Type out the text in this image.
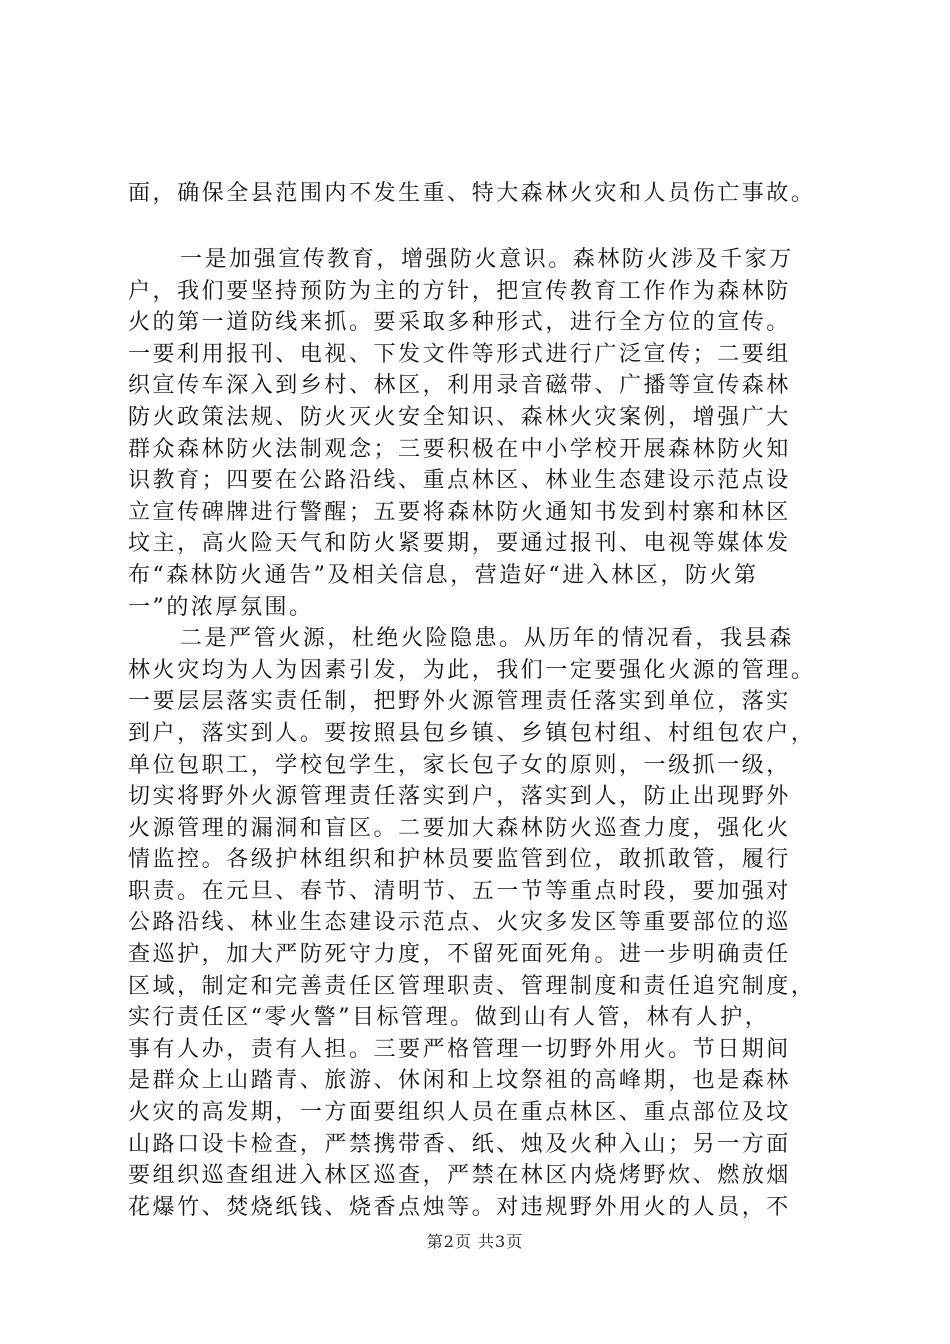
面，确保全县范围内不发生重、特大森林火灾和人员伤亡事故。
一是加强宣传教育，增强防火意识。森林防火涉及千家万
户，我们要坚持预防为主的方针，把宣传教育工作作为森林防
火的第一道防线来抓。要采取多种形式，进行全方位的宣传。
一要利用报刊、电视、下发文件等形式进行广泛宣传；二要组
织宣传车深入到乡村、林区，利用录音磁带、广播等宣传森林
防火政策法规、防火灭火安全知识、森林火灾案例，增强广大
群众森林防火法制观念；三要积极在中小学校开展森林防火知
识教育；四要在公路沿线、重点林区、林业生态建设示范点设
立宣传碑牌进行警醒；五要将森林防火通知书发到村寨和林区
坟主，高火险天气和防火紧要期，要通过报刊、电视等媒体发
布“森林防火通告”及相关信息，营造好“进入林区，防火第
一”的浓厚氛围。
二是严管火源，杜绝火险隐患。从历年的情况看，我县森
林火灾均为人为因素引发，为此，我们一定要强化火源的管理。
一要层层落实责任制，把野外火源管理责任落实到单位，落实
到户，落实到人。要按照县包乡镇、乡镇包村组、村组包农户，
单位包职工，学校包学生，家长包子女的原则，一级抓一级，
切实将野外火源管理责任落实到户，落实到人，防止出现野外
火源管理的漏洞和盲区。二要加大森林防火巡查力度，强化火
情监控。各级护林组织和护林员要监管到位，敢抓敢管，履行
职责。在元旦、春节、清明节、五一节等重点时段，要加强对
公路沿线、林业生态建设示范点、火灾多发区等重要部位的巡
查巡护，加大严防死守力度，不留死面死角。进一步明确责任
区域，制定和完善责任区管理职责、管理制度和责任追究制度，
实行责任区“零火警”目标管理。做到山有人管，林有人护，
事有人办，责有人担。三要严格管理一切野外用火。节日期间
是群众上山踏青、旅游、休闲和上坟祭祖的高峰期，也是森林
火灾的高发期，一方面要组织人员在重点林区、重点部位及坟
山路口设卡检查，严禁携带香、纸、烛及火种入山；另一方面
要组织巡查组进入林区巡查，严禁在林区内烧烤野炊、燃放烟
花爆竹、焚烧纸钱、烧香点烛等。对违规野外用火的人员，不
第2页 共3页
